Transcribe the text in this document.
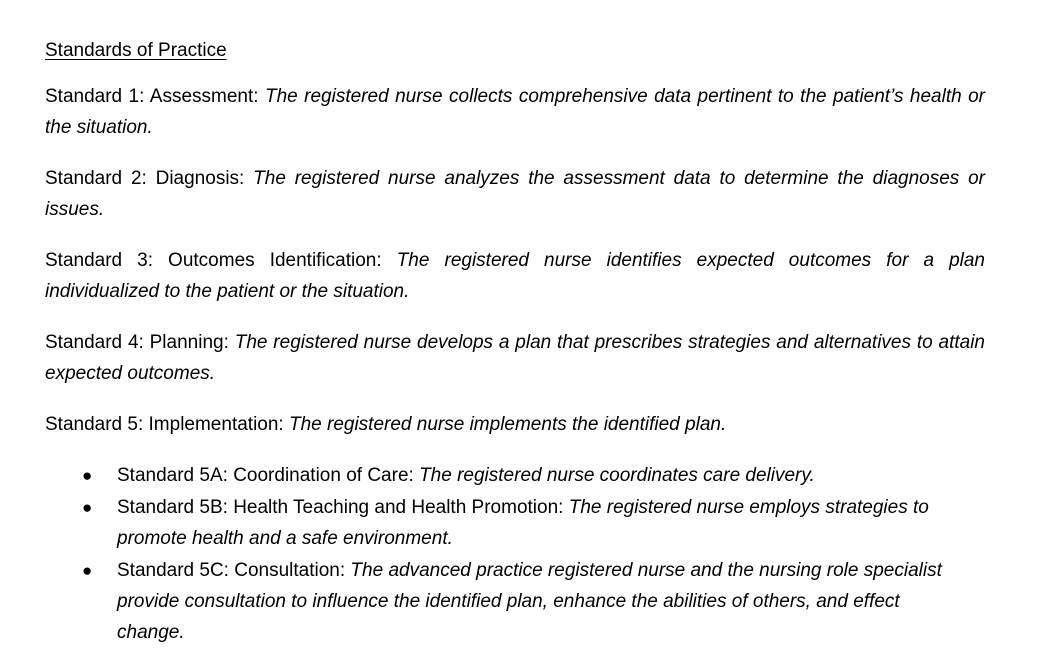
Standards of Practice
Standard 1: Assessment: The registered nurse collects comprehensive data pertinent to the patient’s health or the situation.
Standard 2: Diagnosis: The registered nurse analyzes the assessment data to determine the diagnoses or issues.
Standard 3: Outcomes Identification: The registered nurse identifies expected outcomes for a plan individualized to the patient or the situation.
Standard 4: Planning: The registered nurse develops a plan that prescribes strategies and alternatives to attain expected outcomes.
Standard 5: Implementation: The registered nurse implements the identified plan.
● Standard 5A: Coordination of Care: The registered nurse coordinates care delivery.
● Standard 5B: Health Teaching and Health Promotion: The registered nurse employs strategies to promote health and a safe environment.
● Standard 5C: Consultation: The advanced practice registered nurse and the nursing role specialist provide consultation to influence the identified plan, enhance the abilities of others, and effect change.
